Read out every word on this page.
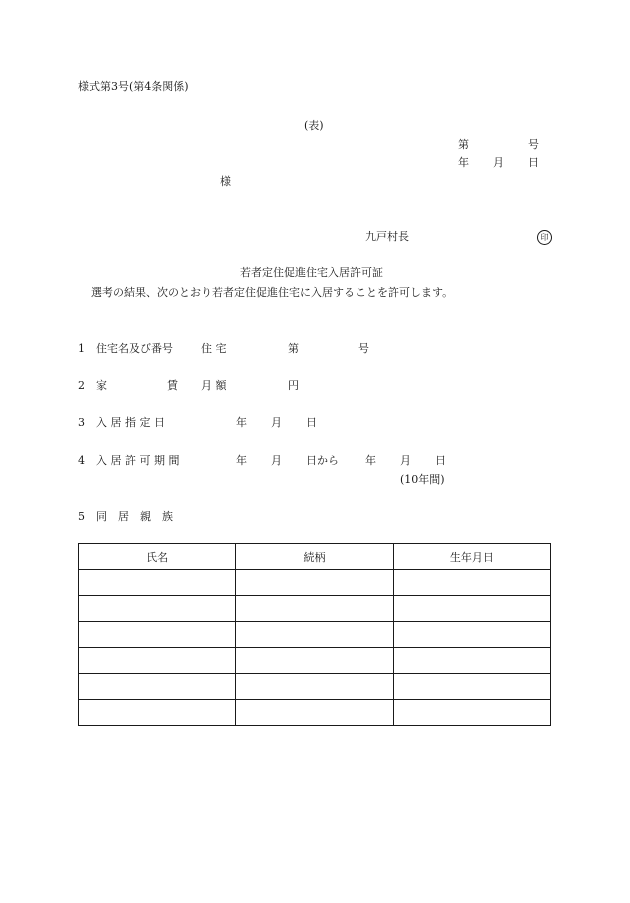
様式第3号(第4条関係)
(表)
第	号
年 月 日
様
九戸村長	印
若者定住促進住宅入居許可証
選考の結果、次のとおり若者定住促進住宅に入居することを許可します。
1 住宅名及び番号	住 宅	第	号
2 家	賃 月 額	円
3 入 居 指 定 日	年 月 日
4 入 居 許 可 期 間	年 月 日から 年 月 日
(10年間)
5 同　居　親　族
氏名	続柄	生年月日
